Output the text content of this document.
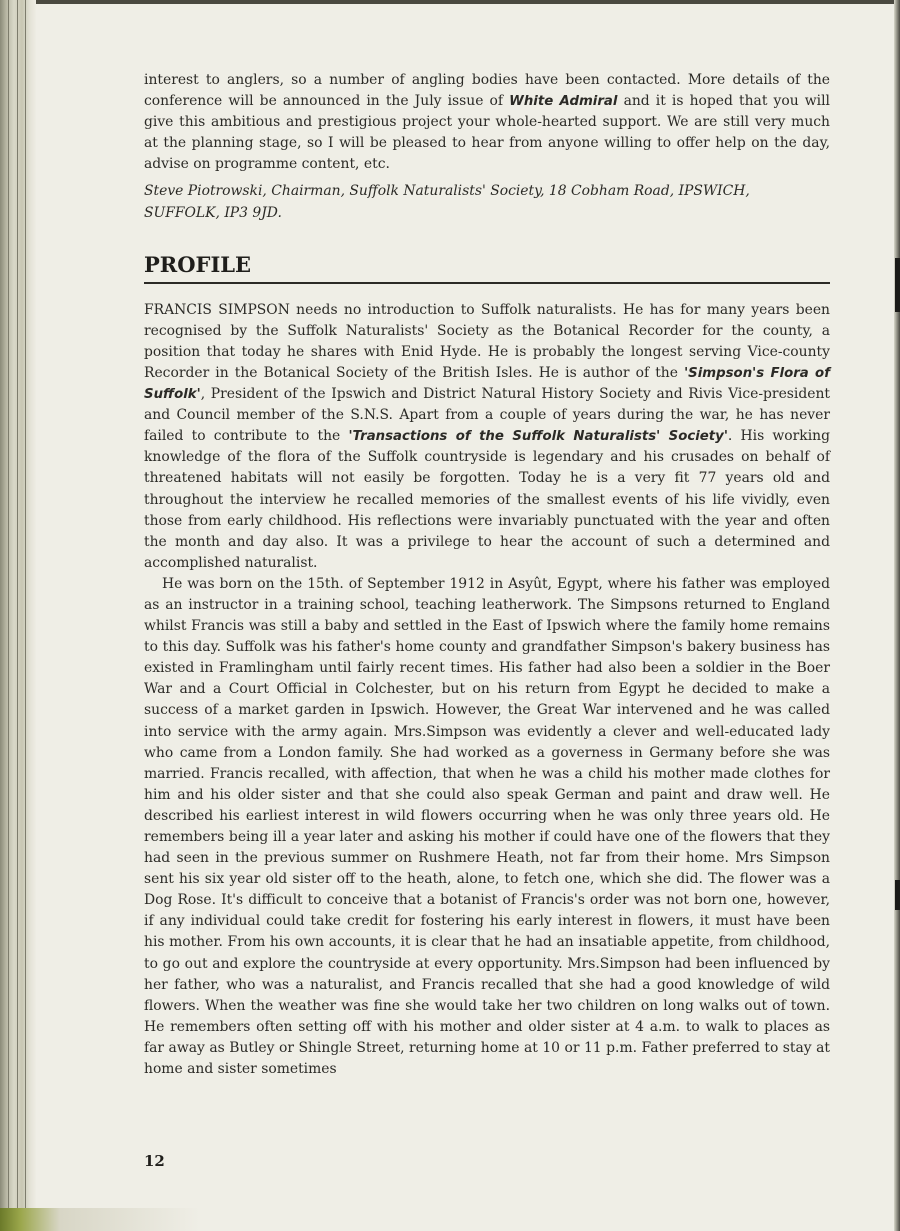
interest to anglers, so a number of angling bodies have been contacted. More details of the conference will be announced in the July issue of White Admiral and it is hoped that you will give this ambitious and prestigious project your whole-hearted support. We are still very much at the planning stage, so I will be pleased to hear from anyone willing to offer help on the day, advise on programme content, etc.

Steve Piotrowski, Chairman, Suffolk Naturalists' Society, 18 Cobham Road, IPSWICH, SUFFOLK, IP3 9JD.

PROFILE

FRANCIS SIMPSON needs no introduction to Suffolk naturalists. He has for many years been recognised by the Suffolk Naturalists' Society as the Botanical Recorder for the county, a position that today he shares with Enid Hyde. He is probably the longest serving Vice-county Recorder in the Botanical Society of the British Isles. He is author of the 'Simpson's Flora of Suffolk', President of the Ipswich and District Natural History Society and Rivis Vice-president and Council member of the S.N.S. Apart from a couple of years during the war, he has never failed to contribute to the 'Transactions of the Suffolk Naturalists' Society'. His working knowledge of the flora of the Suffolk countryside is legendary and his crusades on behalf of threatened habitats will not easily be forgotten. Today he is a very fit 77 years old and throughout the interview he recalled memories of the smallest events of his life vividly, even those from early childhood. His reflections were invariably punctuated with the year and often the month and day also. It was a privilege to hear the account of such a determined and accomplished naturalist.

He was born on the 15th. of September 1912 in Asyût, Egypt, where his father was employed as an instructor in a training school, teaching leatherwork. The Simpsons returned to England whilst Francis was still a baby and settled in the East of Ipswich where the family home remains to this day. Suffolk was his father's home county and grandfather Simpson's bakery business has existed in Framlingham until fairly recent times. His father had also been a soldier in the Boer War and a Court Official in Colchester, but on his return from Egypt he decided to make a success of a market garden in Ipswich. However, the Great War intervened and he was called into service with the army again. Mrs.Simpson was evidently a clever and well-educated lady who came from a London family. She had worked as a governess in Germany before she was married. Francis recalled, with affection, that when he was a child his mother made clothes for him and his older sister and that she could also speak German and paint and draw well. He described his earliest interest in wild flowers occurring when he was only three years old. He remembers being ill a year later and asking his mother if could have one of the flowers that they had seen in the previous summer on Rushmere Heath, not far from their home. Mrs Simpson sent his six year old sister off to the heath, alone, to fetch one, which she did. The flower was a Dog Rose. It's difficult to conceive that a botanist of Francis's order was not born one, however, if any individual could take credit for fostering his early interest in flowers, it must have been his mother. From his own accounts, it is clear that he had an insatiable appetite, from childhood, to go out and explore the countryside at every opportunity. Mrs.Simpson had been influenced by her father, who was a naturalist, and Francis recalled that she had a good knowledge of wild flowers. When the weather was fine she would take her two children on long walks out of town. He remembers often setting off with his mother and older sister at 4 a.m. to walk to places as far away as Butley or Shingle Street, returning home at 10 or 11 p.m. Father preferred to stay at home and sister sometimes

12
